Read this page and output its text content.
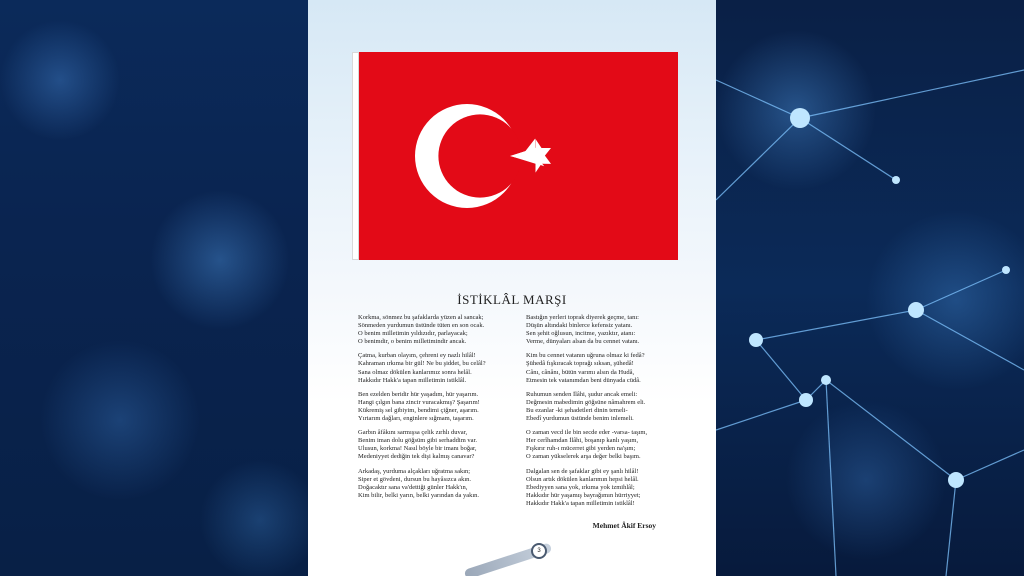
İSTİKLÂL MARŞI
Korkma, sönmez bu şafaklarda yüzen al sancak;
Sönmeden yurdumun üstünde tüten en son ocak.
O benim milletimin yıldızıdır, parlayacak;
O benimdir, o benim milletimindir ancak.
Çatma, kurban olayım, çehreni ey nazlı hilâl!
Kahraman ırkıma bir gül! Ne bu şiddet, bu celâl?
Sana olmaz dökülen kanlarımız sonra helâl.
Hakkıdır Hakk'a tapan milletimin istiklâl.
Ben ezelden beridir hür yaşadım, hür yaşarım.
Hangi çılgın bana zincir vuracakmış? Şaşarım!
Kükremiş sel gibiyim, bendimi çiğner, aşarım.
Yırtarım dağları, enginlere sığmam, taşarım.
Garbın âfâkını sarmışsa çelik zırhlı duvar,
Benim iman dolu göğsüm gibi serhaddim var.
Ulusun, korkma! Nasıl böyle bir imanı boğar,
Medeniyyet dediğin tek dişi kalmış canavar?
Arkadaş, yurduma alçakları uğratma sakın;
Siper et gövdeni, dursun bu hayâsızca akın.
Doğacaktır sana va'dettiği günler Hakk'ın,
Kim bilir, belki yarın, belki yarından da yakın.
Bastığın yerleri toprak diyerek geçme, tanı:
Düşün altındaki binlerce kefensiz yatanı.
Sen şehit oğlusun, incitme, yazıktır, atanı:
Verme, dünyaları alsan da bu cennet vatanı.
Kim bu cennet vatanın uğruna olmaz ki fedâ?
Şühedâ fışkıracak toprağı sıksan, şühedâ!
Cânı, cânânı, bütün varımı alsın da Hudâ,
Etmesin tek vatanımdan beni dünyada cüdâ.
Ruhumun senden İlâhi, şudur ancak emeli:
Değmesin mabedimin göğsüne nâmahrem eli.
Bu ezanlar -ki şehadetleri dinin temeli-
Ebedî yurdumun üstünde benim inlemeli.
O zaman vecd ile bin secde eder -varsa- taşım,
Her cerîhamdan İlâhi, boşanıp kanlı yaşım,
Fışkırır ruh-ı mücerret gibi yerden na'şım;
O zaman yükselerek arşa değer belki başım.
Dalgalan sen de şafaklar gibi ey şanlı hilâl!
Olsun artık dökülen kanlarımın hepsi helâl.
Ebediyyen sana yok, ırkıma yok izmihlâl;
Hakkıdır hür yaşamış bayrağımın hürriyyet;
Hakkıdır Hakk'a tapan milletimin istiklâl!
Mehmet Âkif Ersoy
3
